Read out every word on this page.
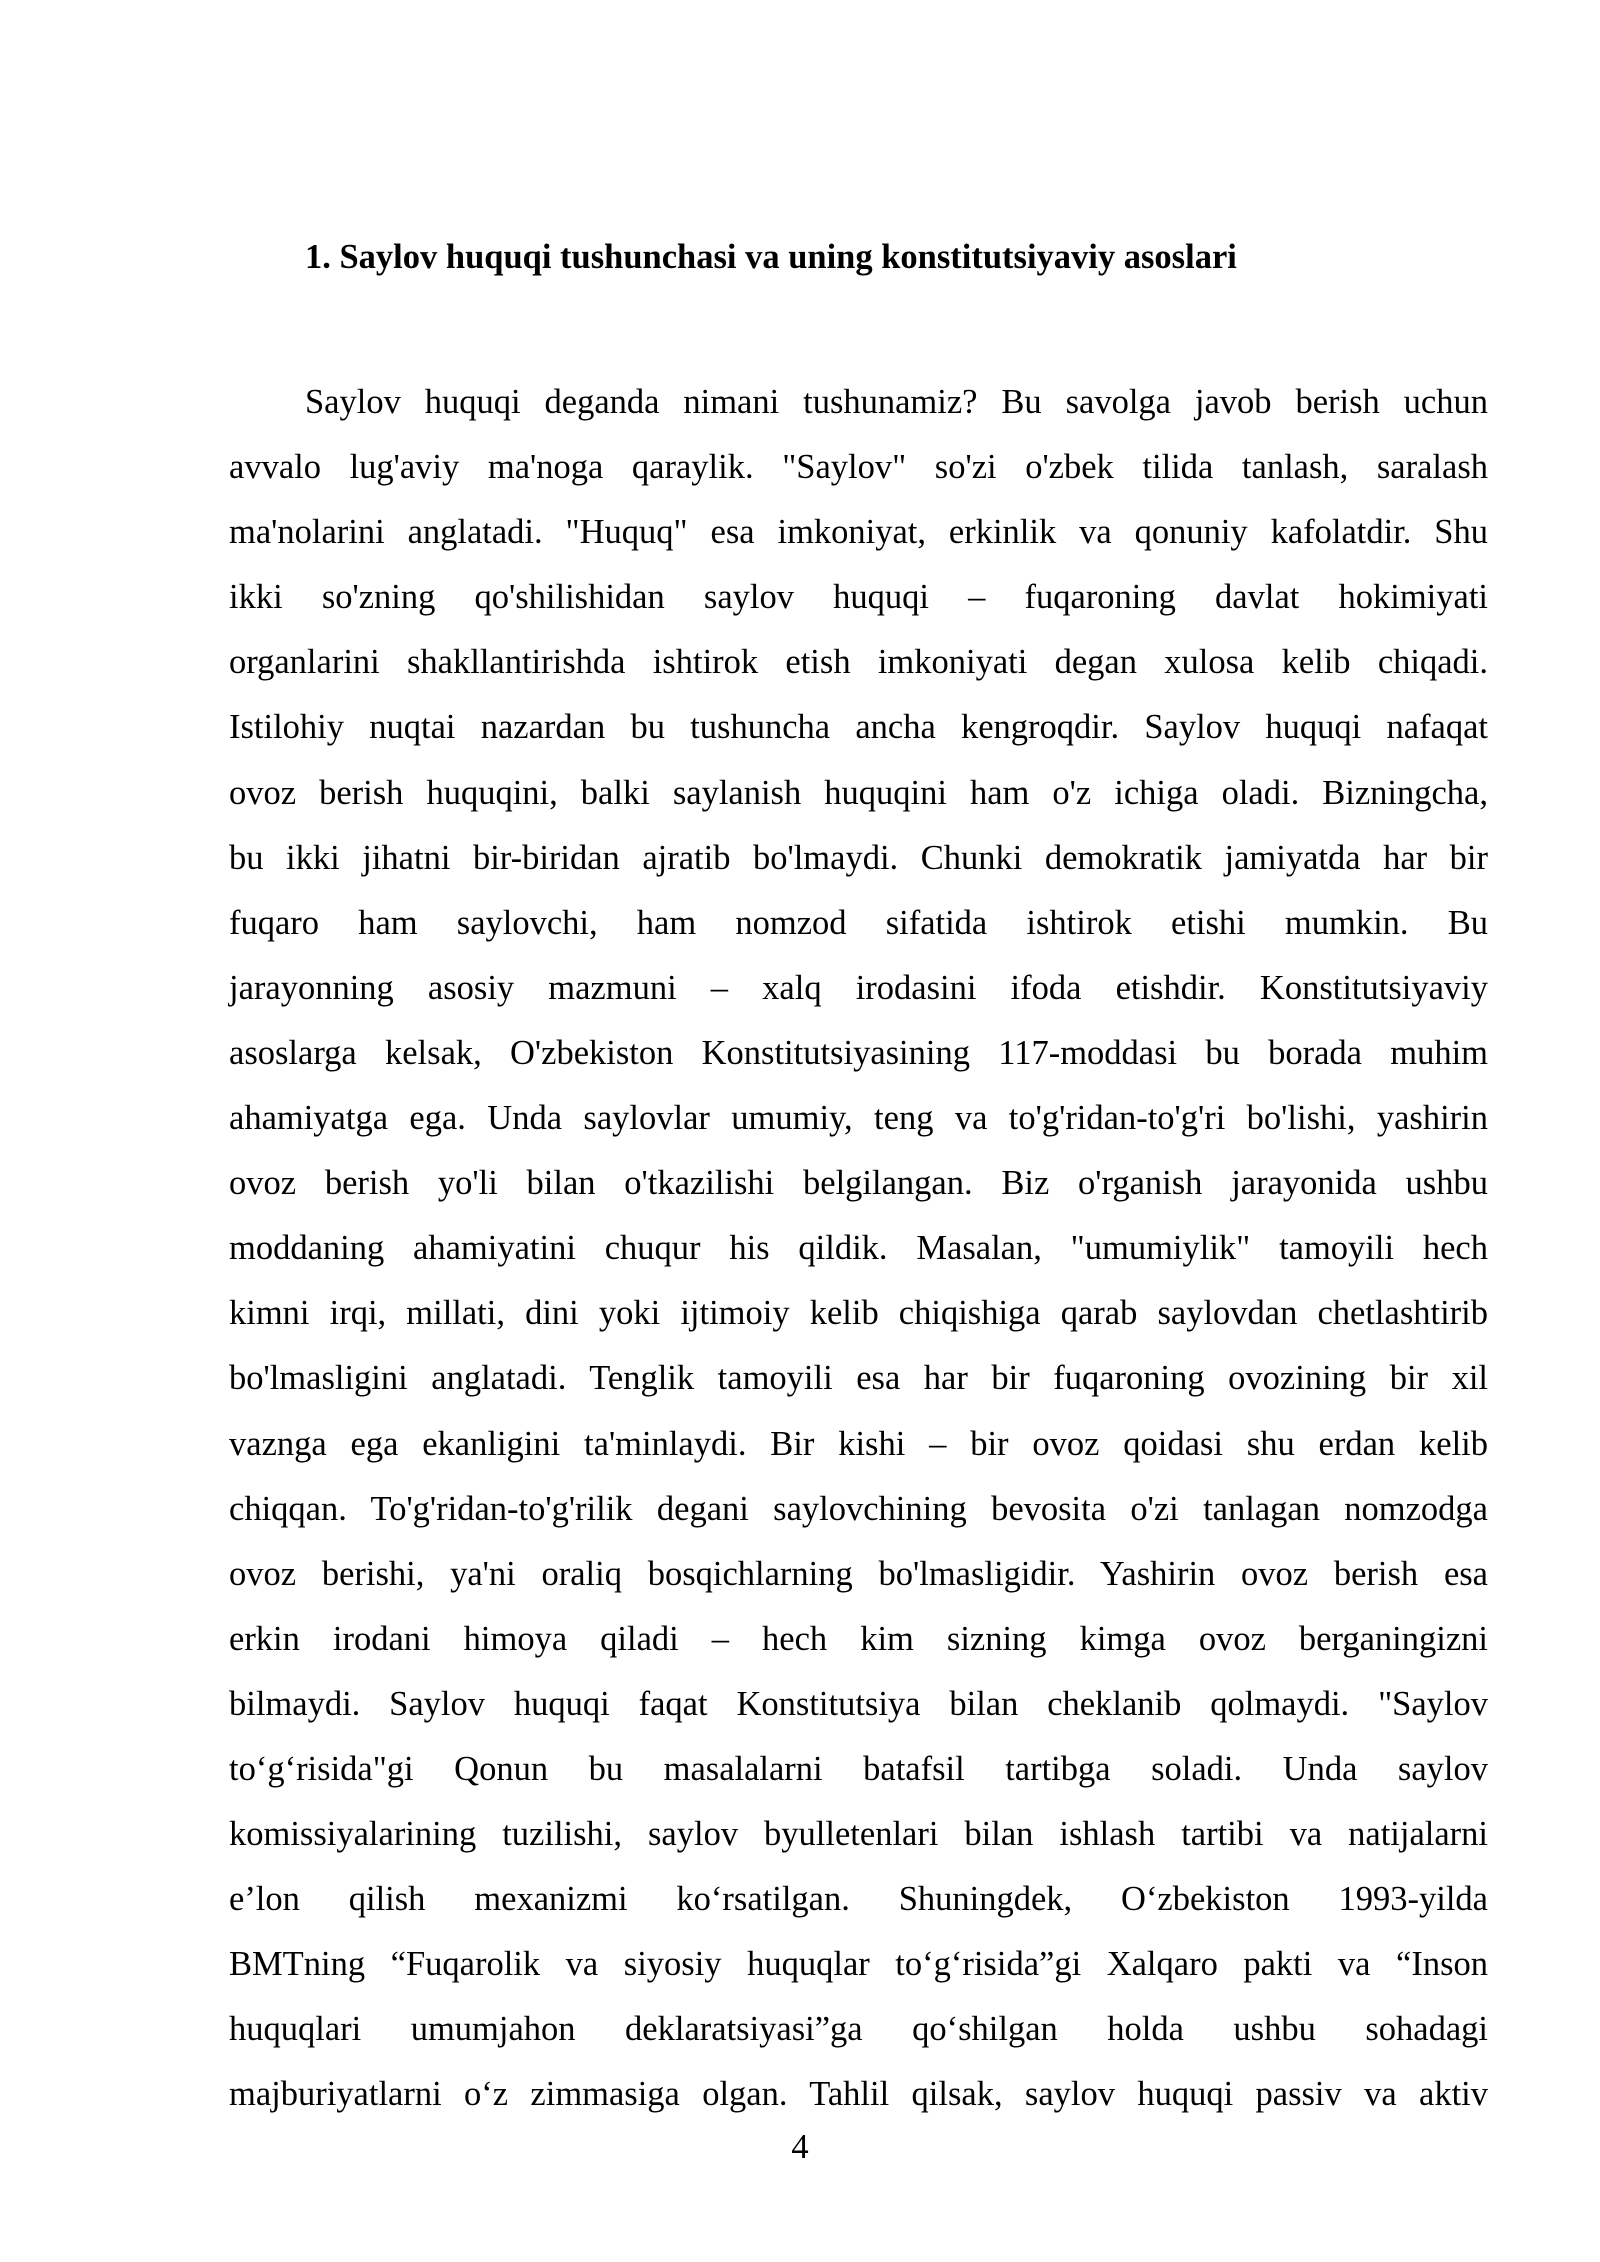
1. Saylov huquqi tushunchasi va uning konstitutsiyaviy asoslari
Saylov huquqi deganda nimani tushunamiz? Bu savolga javob berish uchun
avvalo lug'aviy ma'noga qaraylik. "Saylov" so'zi o'zbek tilida tanlash, saralash
ma'nolarini anglatadi. "Huquq" esa imkoniyat, erkinlik va qonuniy kafolatdir. Shu
ikki so'zning qo'shilishidan saylov huquqi – fuqaroning davlat hokimiyati
organlarini shakllantirishda ishtirok etish imkoniyati degan xulosa kelib chiqadi.
Istilohiy nuqtai nazardan bu tushuncha ancha kengroqdir. Saylov huquqi nafaqat
ovoz berish huquqini, balki saylanish huquqini ham o'z ichiga oladi. Bizningcha,
bu ikki jihatni bir-biridan ajratib bo'lmaydi. Chunki demokratik jamiyatda har bir
fuqaro ham saylovchi, ham nomzod sifatida ishtirok etishi mumkin. Bu
jarayonning asosiy mazmuni – xalq irodasini ifoda etishdir. Konstitutsiyaviy
asoslarga kelsak, O'zbekiston Konstitutsiyasining 117-moddasi bu borada muhim
ahamiyatga ega. Unda saylovlar umumiy, teng va to'g'ridan-to'g'ri bo'lishi, yashirin
ovoz berish yo'li bilan o'tkazilishi belgilangan. Biz o'rganish jarayonida ushbu
moddaning ahamiyatini chuqur his qildik. Masalan, "umumiylik" tamoyili hech
kimni irqi, millati, dini yoki ijtimoiy kelib chiqishiga qarab saylovdan chetlashtirib
bo'lmasligini anglatadi. Tenglik tamoyili esa har bir fuqaroning ovozining bir xil
vaznga ega ekanligini ta'minlaydi. Bir kishi – bir ovoz qoidasi shu erdan kelib
chiqqan. To'g'ridan-to'g'rilik degani saylovchining bevosita o'zi tanlagan nomzodga
ovoz berishi, ya'ni oraliq bosqichlarning bo'lmasligidir. Yashirin ovoz berish esa
erkin irodani himoya qiladi – hech kim sizning kimga ovoz berganingizni
bilmaydi. Saylov huquqi faqat Konstitutsiya bilan cheklanib qolmaydi. "Saylov
to‘g‘risida"gi Qonun bu masalalarni batafsil tartibga soladi. Unda saylov
komissiyalarining tuzilishi, saylov byulletenlari bilan ishlash tartibi va natijalarni
e’lon qilish mexanizmi ko‘rsatilgan. Shuningdek, O‘zbekiston 1993-yilda
BMTning “Fuqarolik va siyosiy huquqlar to‘g‘risida”gi Xalqaro pakti va “Inson
huquqlari umumjahon deklaratsiyasi”ga qo‘shilgan holda ushbu sohadagi
majburiyatlarni o‘z zimmasiga olgan. Tahlil qilsak, saylov huquqi passiv va aktiv
4
